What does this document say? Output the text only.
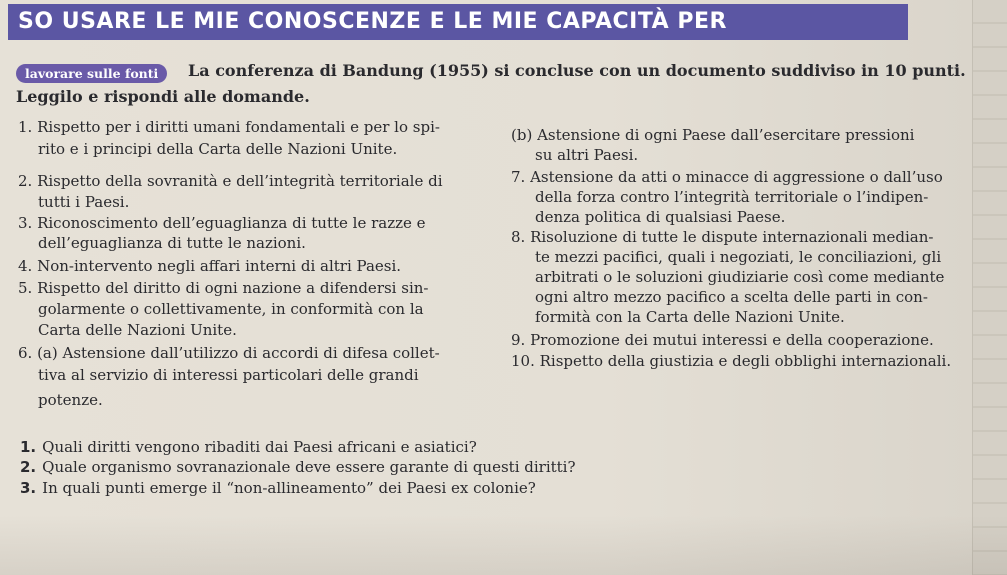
SO USARE LE MIE CONOSCENZE E LE MIE CAPACITÀ PER
lavorare sulle fonti	La conferenza di Bandung (1955) si concluse con un documento suddiviso in 10 punti.
Leggilo e rispondi alle domande.
1. Rispetto per i diritti umani fondamentali e per lo spi-
rito e i principi della Carta delle Nazioni Unite.
2. Rispetto della sovranità e dell’integrità territoriale di
tutti i Paesi.
3. Riconoscimento dell’eguaglianza di tutte le razze e
dell’eguaglianza di tutte le nazioni.
4. Non-intervento negli affari interni di altri Paesi.
5. Rispetto del diritto di ogni nazione a difendersi sin-
golarmente o collettivamente, in conformità con la
Carta delle Nazioni Unite.
6. (a) Astensione dall’utilizzo di accordi di difesa collet-
tiva al servizio di interessi particolari delle grandi
potenze.
(b) Astensione di ogni Paese dall’esercitare pressioni
su altri Paesi.
7. Astensione da atti o minacce di aggressione o dall’uso
della forza contro l’integrità territoriale o l’indipen-
denza politica di qualsiasi Paese.
8. Risoluzione di tutte le dispute internazionali median-
te mezzi pacifici, quali i negoziati, le conciliazioni, gli
arbitrati o le soluzioni giudiziarie così come mediante
ogni altro mezzo pacifico a scelta delle parti in con-
formità con la Carta delle Nazioni Unite.
9. Promozione dei mutui interessi e della cooperazione.
10. Rispetto della giustizia e degli obblighi internazionali.
1. Quali diritti vengono ribaditi dai Paesi africani e asiatici?
2. Quale organismo sovranazionale deve essere garante di questi diritti?
3. In quali punti emerge il “non-allineamento” dei Paesi ex colonie?
